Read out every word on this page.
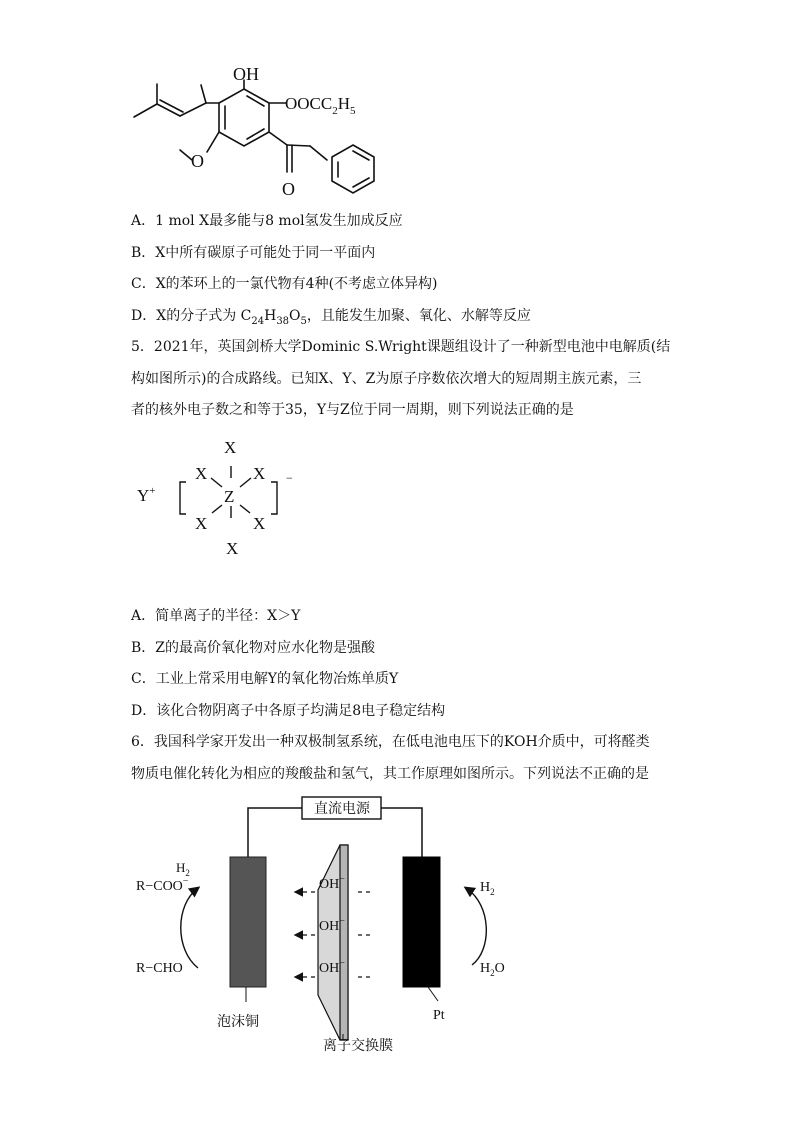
OH
$OOCC_2H_5$
O
O

A．1 mol X最多能与8 mol氢发生加成反应

B．X中所有碳原子可能处于同一平面内

C．X的苯环上的一氯代物有4种(不考虑立体异构)

D．X的分子式为 $C_{24}H_{38}O_5$，且能发生加聚、氧化、水解等反应

5．2021年，英国剑桥大学Dominic S.Wright课题组设计了一种新型电池中电解质(结

构如图所示)的合成路线。已知X、Y、Z为原子序数依次增大的短周期主族元素，三

者的核外电子数之和等于35，Y与Z位于同一周期，则下列说法正确的是

Y+	Z
X
X	X
X	X
X
−

A．简单离子的半径：X＞Y

B．Z的最高价氧化物对应水化物是强酸

C．工业上常采用电解Y的氧化物冶炼单质Y

D．该化合物阴离子中各原子均满足8电子稳定结构

6．我国科学家开发出一种双极制氢系统，在低电池电压下的KOH介质中，可将醛类

物质电催化转化为相应的羧酸盐和氢气，其工作原理如图所示。下列说法不正确的是

直流电源
OH−
OH−
OH−
$H_2$
R−COO−
R−CHO
$H_2$
$H_2O$
泡沫铜	Pt
离子交换膜
